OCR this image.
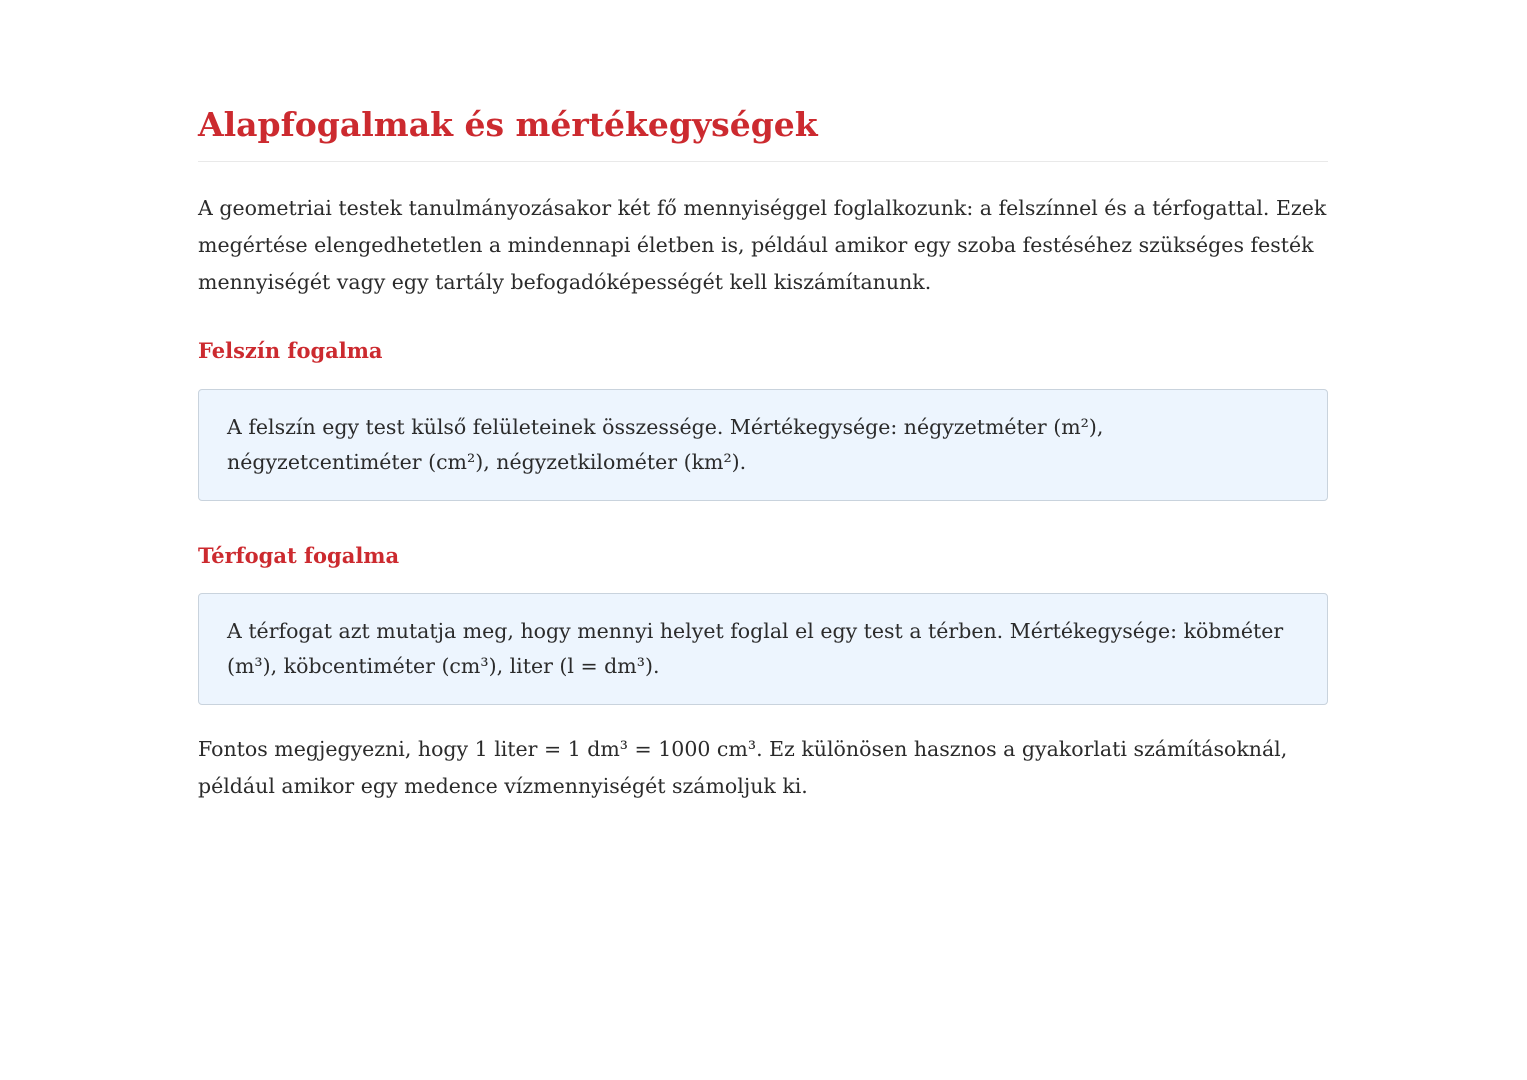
Alapfogalmak és mértékegységek

A geometriai testek tanulmányozásakor két fő mennyiséggel foglalkozunk: a felszínnel és a térfogattal. Ezek megértése elengedhetetlen a mindennapi életben is, például amikor egy szoba festéséhez szükséges festék mennyiségét vagy egy tartály befogadóképességét kell kiszámítanunk.

Felszín fogalma

A felszín egy test külső felületeinek összessége. Mértékegysége: négyzetméter (m²), négyzetcentiméter (cm²), négyzetkilométer (km²).

Térfogat fogalma

A térfogat azt mutatja meg, hogy mennyi helyet foglal el egy test a térben. Mértékegysége: köbméter (m³), köbcentiméter (cm³), liter (l = dm³).

Fontos megjegyezni, hogy 1 liter = 1 dm³ = 1000 cm³. Ez különösen hasznos a gyakorlati számításoknál, például amikor egy medence vízmennyiségét számoljuk ki.
